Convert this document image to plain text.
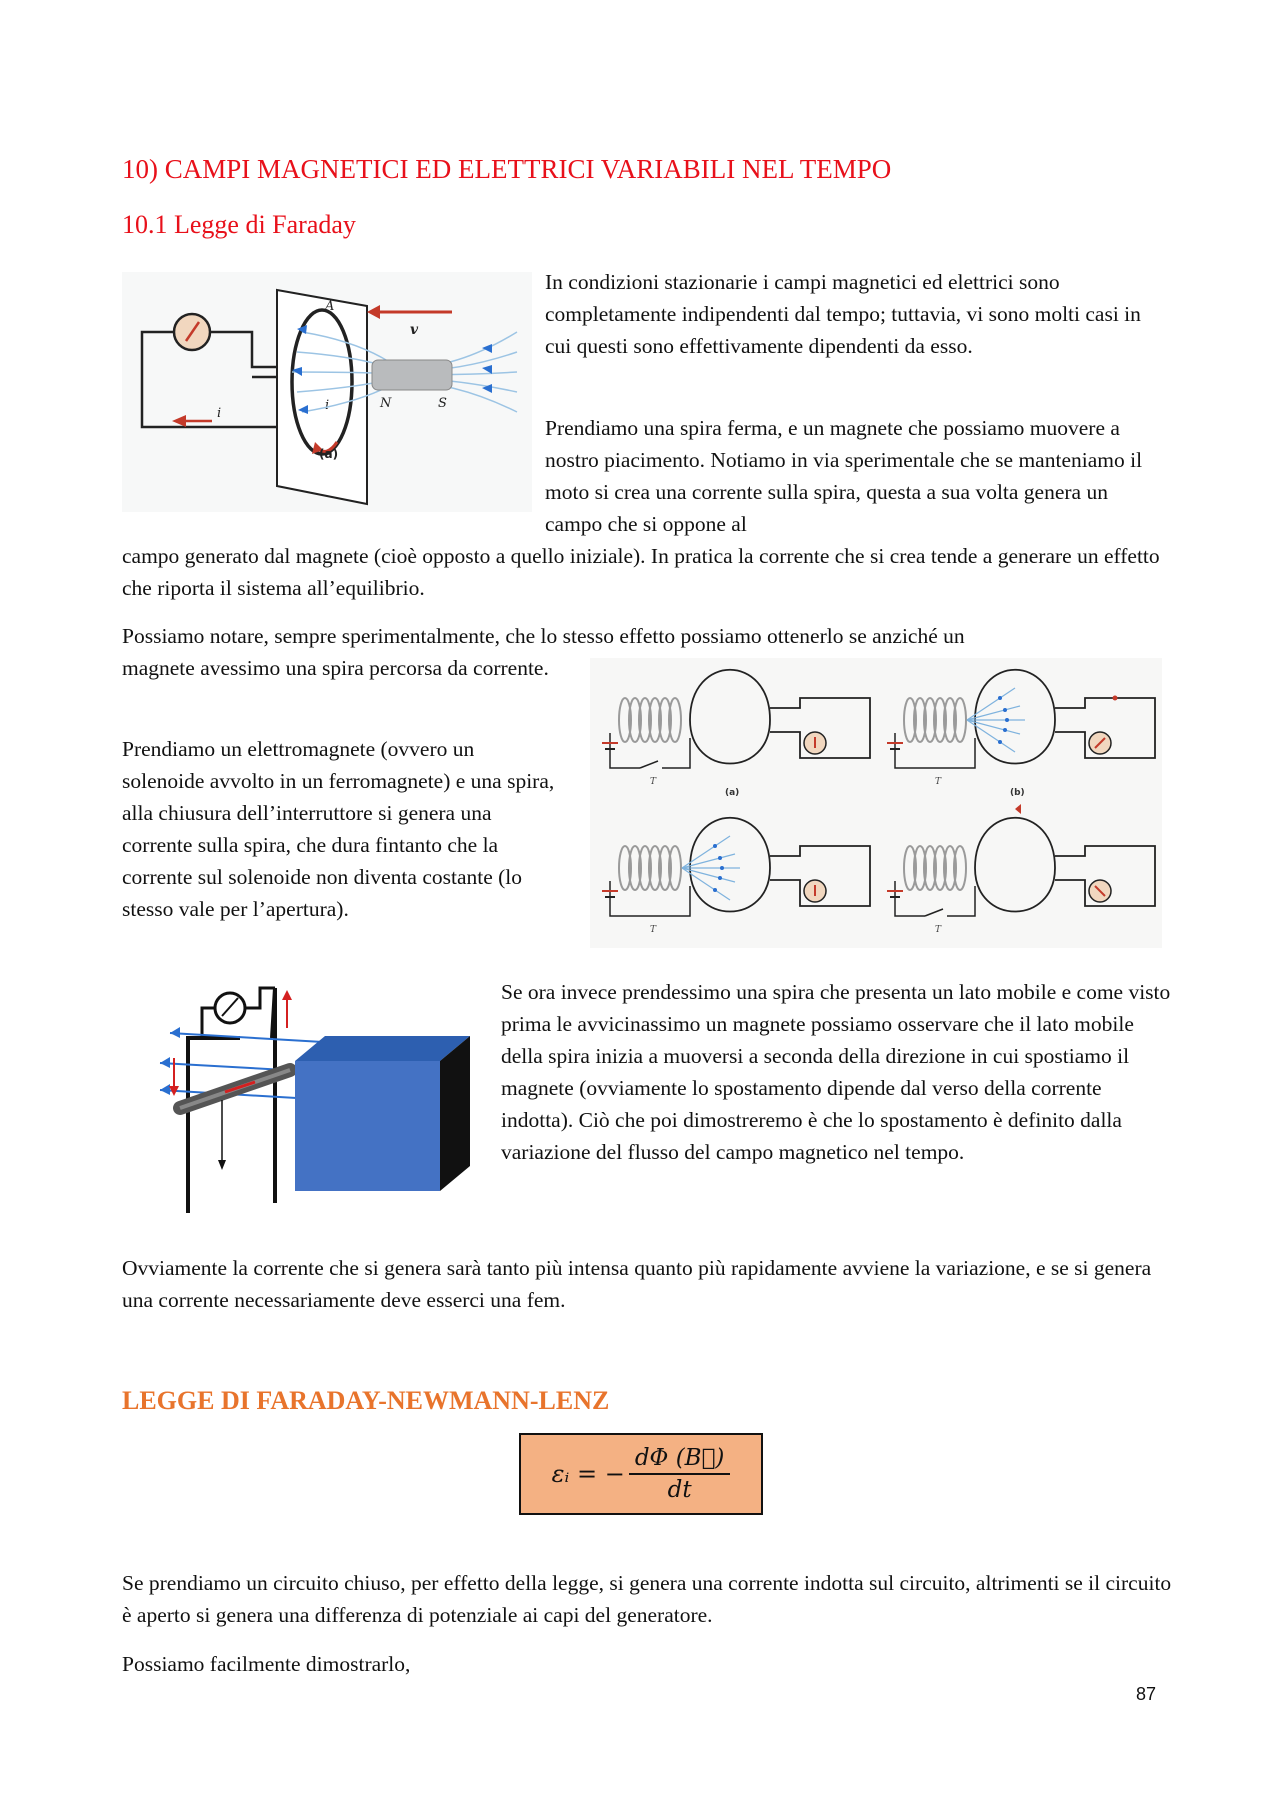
10) CAMPI MAGNETICI ED ELETTRICI VARIABILI NEL TEMPO
10.1 Legge di Faraday
i
i
A
(a)
v
N	S

In condizioni stazionarie i campi magnetici ed elettrici sono completamente indipendenti dal tempo; tuttavia, vi sono molti casi in cui questi sono effettivamente dipendenti da esso.

Prendiamo una spira ferma, e un magnete che possiamo muovere a nostro piacimento. Notiamo in via sperimentale che se manteniamo il moto si crea una corrente sulla spira, questa a sua volta genera un campo che si oppone al

campo generato dal magnete (cioè opposto a quello iniziale). In pratica la corrente che si crea tende a generare un effetto che riporta il sistema all’equilibrio.

Possiamo notare, sempre sperimentalmente, che lo stesso effetto possiamo ottenerlo se anziché un

magnete avessimo una spira percorsa da corrente.

Prendiamo un elettromagnete (ovvero un solenoide avvolto in un ferromagnete) e una spira, alla chiusura dell’interruttore si genera una corrente sulla spira, che dura fintanto che la corrente sul solenoide non diventa costante (lo stesso vale per l’apertura).

T
(a)
T
(b)
T	T

Se ora invece prendessimo una spira che presenta un lato mobile e come visto prima le avvicinassimo un magnete possiamo osservare che il lato mobile della spira inizia a muoversi a seconda della direzione in cui spostiamo il magnete (ovviamente lo spostamento dipende dal verso della corrente indotta). Ciò che poi dimostreremo è che lo spostamento è definito dalla variazione del flusso del campo magnetico nel tempo.

Ovviamente la corrente che si genera sarà tanto più intensa quanto più rapidamente avviene la variazione, e se si genera una corrente necessariamente deve esserci una fem.

LEGGE DI FARADAY-NEWMANN-LENZ
εᵢ = − $\frac{d\Phi (B⃗)}{dt}$

Se prendiamo un circuito chiuso, per effetto della legge, si genera una corrente indotta sul circuito, altrimenti se il circuito è aperto si genera una differenza di potenziale ai capi del generatore.

Possiamo facilmente dimostrarlo,

87
